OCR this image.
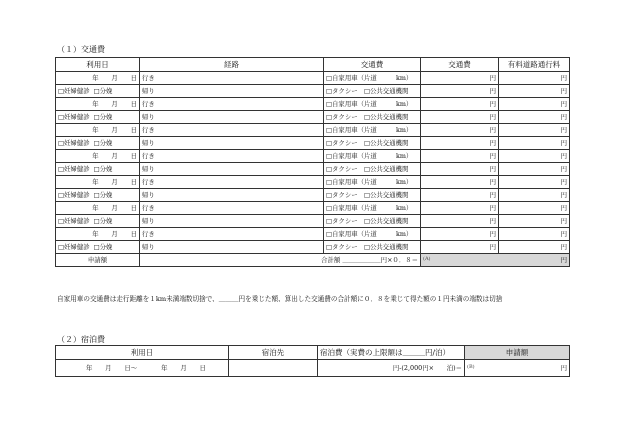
（１）交通費
利用日	経路		交通費	交通費	有料道路通行料
年　　月　　日	行き		□自家用車（片道　　　km）	円	円
□妊婦健診 □分娩	帰り		□タクシー　□公共交通機関	円	円
年　　月　　日	行き		□自家用車（片道　　　km）	円	円
□妊婦健診 □分娩	帰り		□タクシー　□公共交通機関	円	円
年　　月　　日	行き		□自家用車（片道　　　km）	円	円
□妊婦健診 □分娩	帰り		□タクシー　□公共交通機関	円	円
年　　月　　日	行き		□自家用車（片道　　　km）	円	円
□妊婦健診 □分娩	帰り		□タクシー　□公共交通機関	円	円
年　　月　　日	行き		□自家用車（片道　　　km）	円	円
□妊婦健診 □分娩	帰り		□タクシー　□公共交通機関	円	円
年　　月　　日	行き		□自家用車（片道　　　km）	円	円
□妊婦健診 □分娩	帰り		□タクシー　□公共交通機関	円	円
年　　月　　日	行き		□自家用車（片道　　　km）	円	円
□妊婦健診 □分娩	帰り		□タクシー　□公共交通機関	円	円
申請額	合計額 ＿＿＿＿＿＿円×０．８＝			$^{(A)}$ 円	
自家用車の交通費は走行距離を１km未満端数切捨で、＿＿＿円を乗じた額、算出した交通費の合計額に０．８を乗じて得た額の１円未満の端数は切捨
（２）宿泊費
利用日	宿泊先	宿泊費（実費の上限額は＿＿＿円/泊）	申請額
年　　月　　日～ 年　　月　　日		円-(2,000円×　　泊)＝	$^{(B)}$ 円
